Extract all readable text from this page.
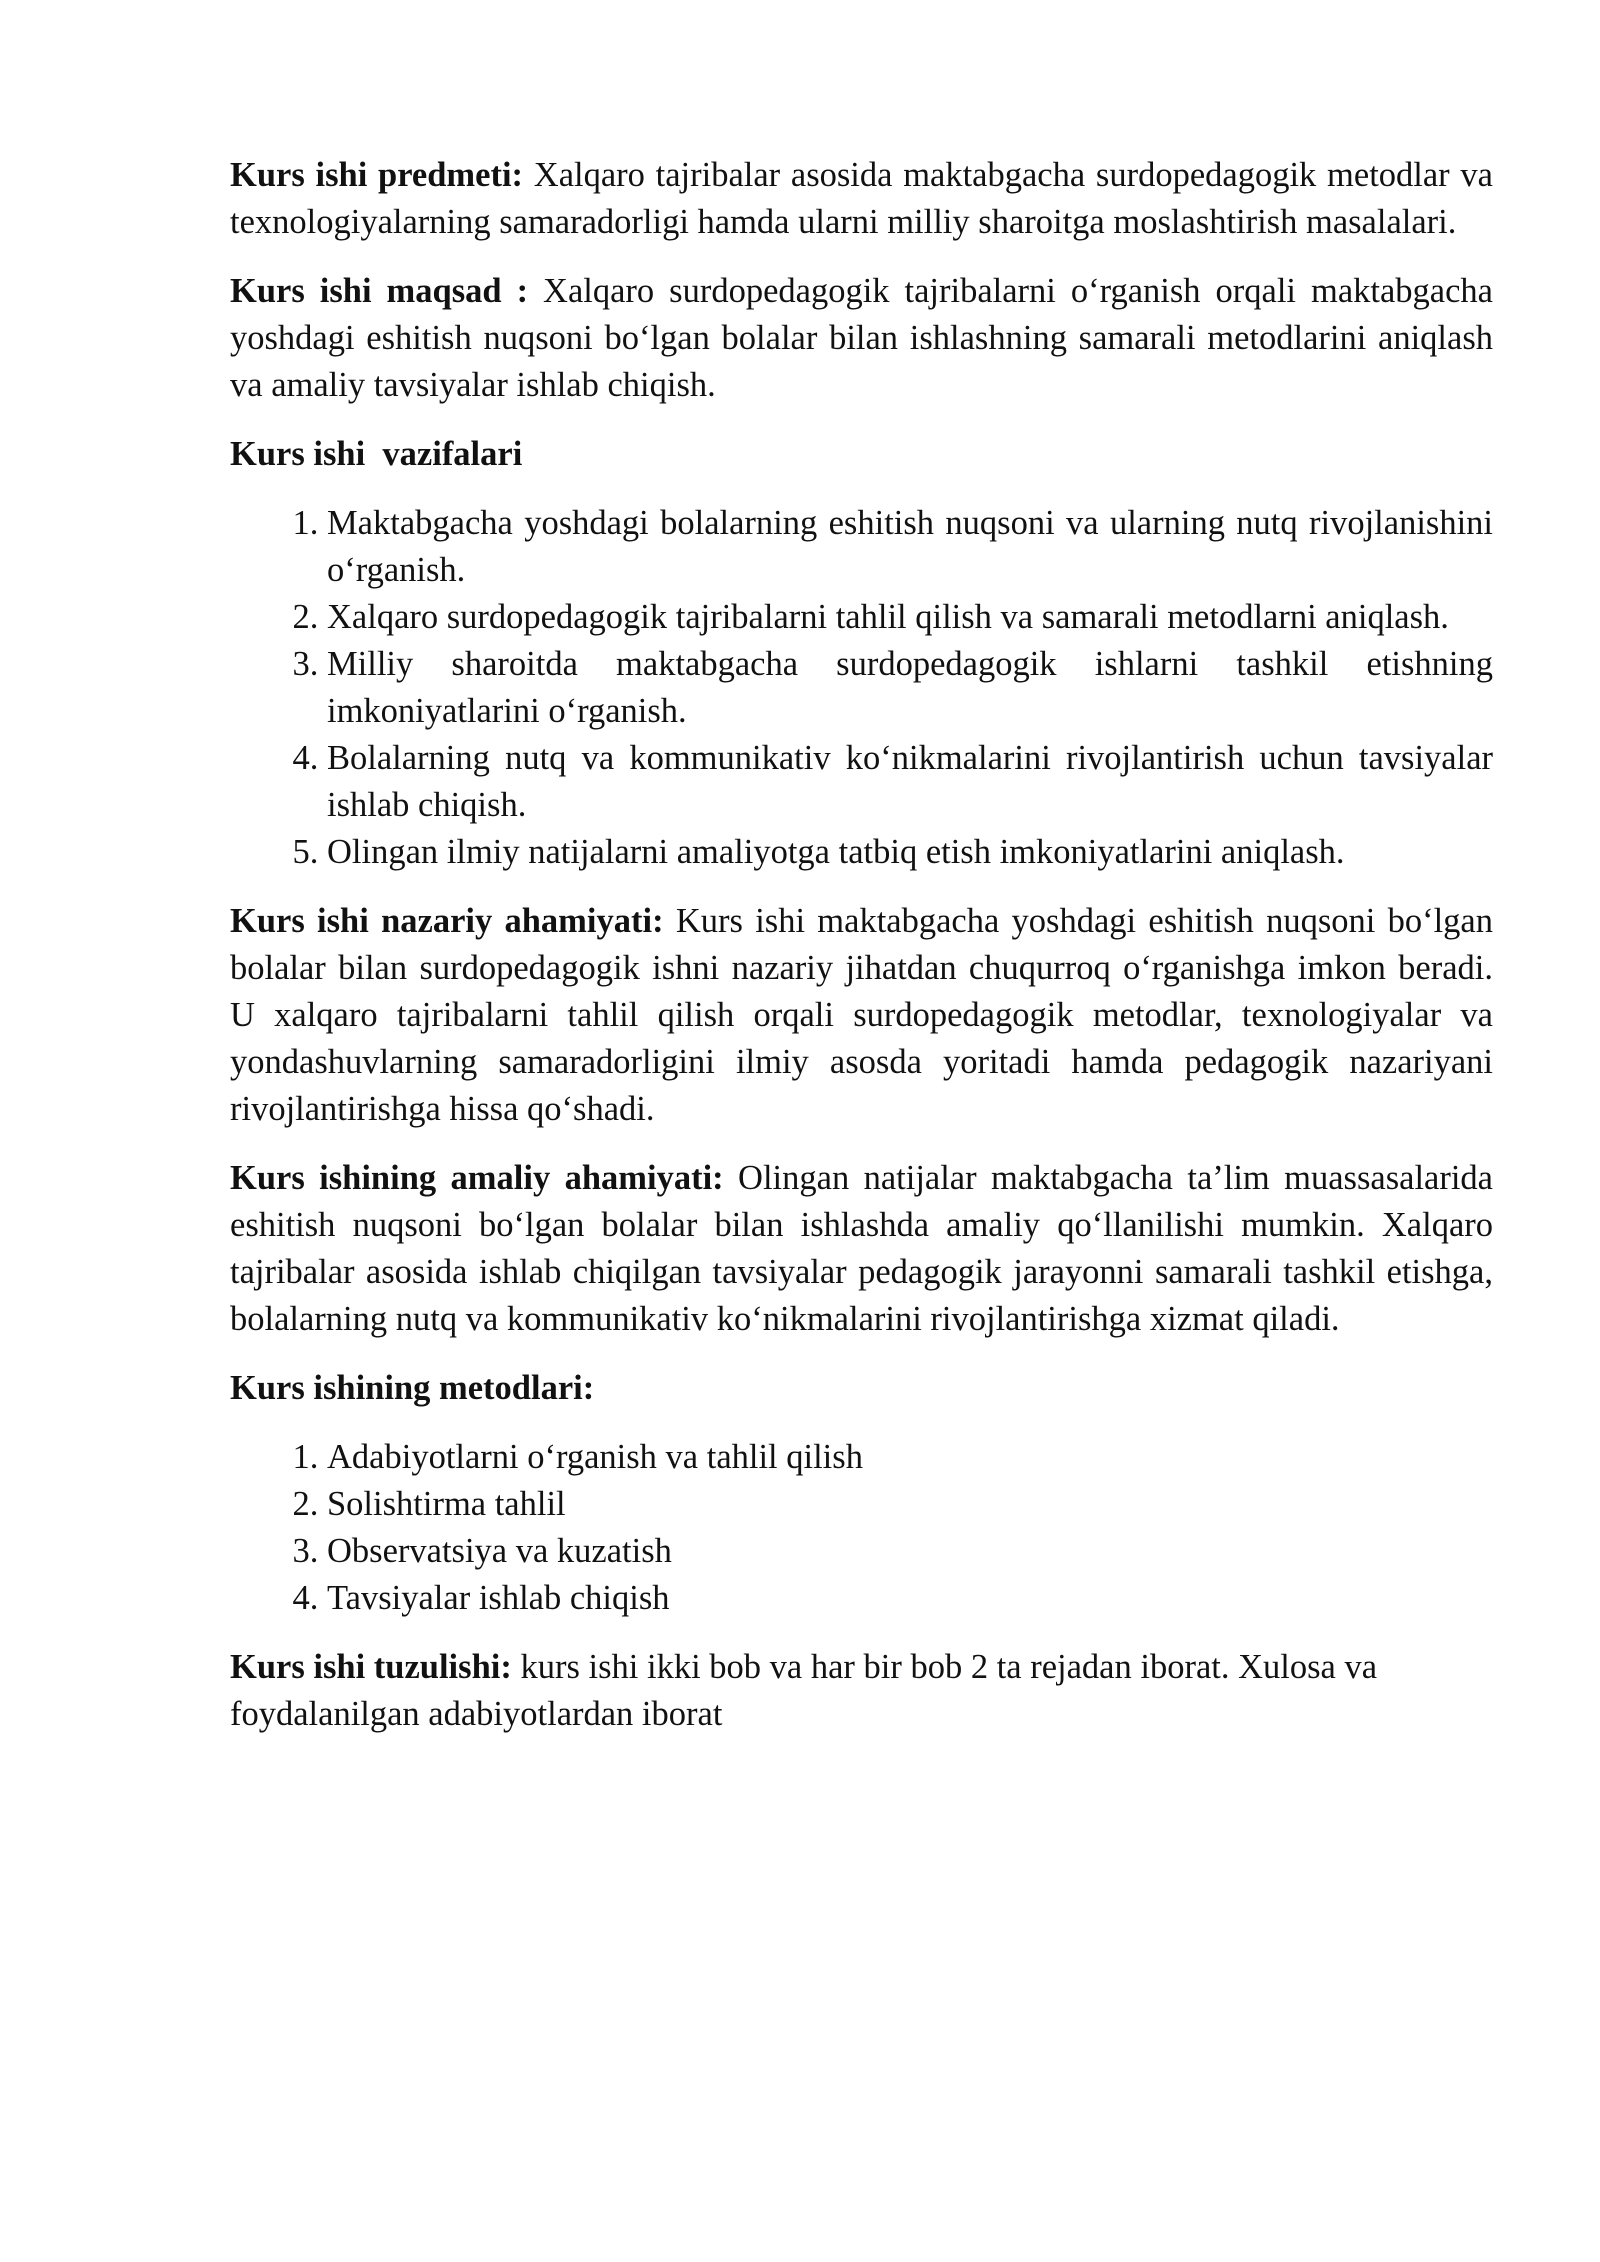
Kurs ishi predmeti: Xalqaro tajribalar asosida maktabgacha surdopedagogik metodlar va texnologiyalarning samaradorligi hamda ularni milliy sharoitga moslashtirish masalalari.

Kurs ishi maqsad : Xalqaro surdopedagogik tajribalarni o‘rganish orqali maktabgacha yoshdagi eshitish nuqsoni bo‘lgan bolalar bilan ishlashning samarali metodlarini aniqlash va amaliy tavsiyalar ishlab chiqish.

Kurs ishi  vazifalari

1. Maktabgacha yoshdagi bolalarning eshitish nuqsoni va ularning nutq rivojlanishini o‘rganish.
2. Xalqaro surdopedagogik tajribalarni tahlil qilish va samarali metodlarni aniqlash.
3. Milliy sharoitda maktabgacha surdopedagogik ishlarni tashkil etishning imkoniyatlarini o‘rganish.
4. Bolalarning nutq va kommunikativ ko‘nikmalarini rivojlantirish uchun tavsiyalar ishlab chiqish.
5. Olingan ilmiy natijalarni amaliyotga tatbiq etish imkoniyatlarini aniqlash.

Kurs ishi nazariy ahamiyati: Kurs ishi maktabgacha yoshdagi eshitish nuqsoni bo‘lgan bolalar bilan surdopedagogik ishni nazariy jihatdan chuqurroq o‘rganishga imkon beradi. U xalqaro tajribalarni tahlil qilish orqali surdopedagogik metodlar, texnologiyalar va yondashuvlarning samaradorligini ilmiy asosda yoritadi hamda pedagogik nazariyani rivojlantirishga hissa qo‘shadi.

Kurs ishining amaliy ahamiyati: Olingan natijalar maktabgacha ta’lim muassasalarida eshitish nuqsoni bo‘lgan bolalar bilan ishlashda amaliy qo‘llanilishi mumkin. Xalqaro tajribalar asosida ishlab chiqilgan tavsiyalar pedagogik jarayonni samarali tashkil etishga, bolalarning nutq va kommunikativ ko‘nikmalarini rivojlantirishga xizmat qiladi.

Kurs ishining metodlari:

1. Adabiyotlarni o‘rganish va tahlil qilish
2. Solishtirma tahlil
3. Observatsiya va kuzatish
4. Tavsiyalar ishlab chiqish

Kurs ishi tuzulishi: kurs ishi ikki bob va har bir bob 2 ta rejadan iborat. Xulosa va foydalanilgan adabiyotlardan iborat
